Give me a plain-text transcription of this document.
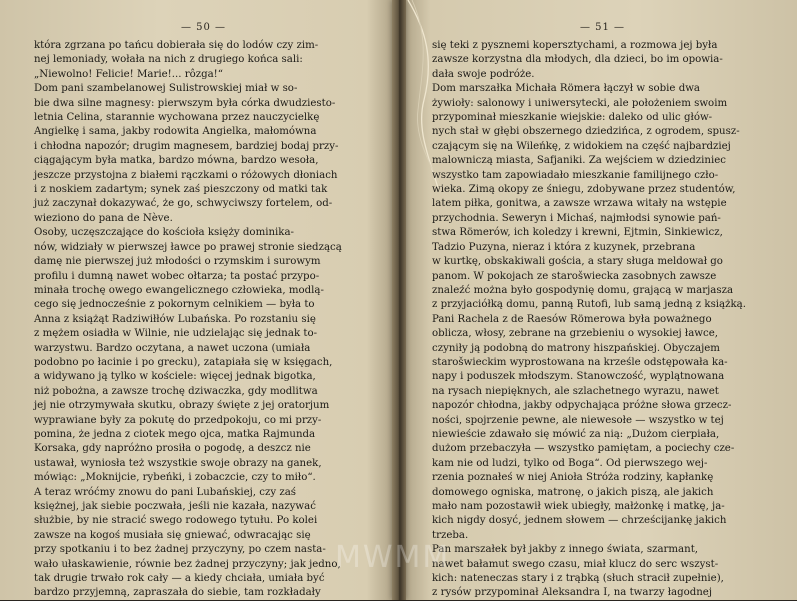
— 50 —

która zgrzana po tańcu dobierała się do lodów czy zim-

nej lemoniady, wołała na nich z drugiego końca sali:

„Niewolno! Felicie! Marie!... rôzga!“

Dom pani szambelanowej Sulistrowskiej miał w so-

bie dwa silne magnesy: pierwszym była córka dwudziesto-

letnia Celina, starannie wychowana przez nauczycielkę

Angielkę i sama, jakby rodowita Angielka, małomówna

i chłodna napozór; drugim magnesem, bardziej bodaj przy-

ciągającym była matka, bardzo mówna, bardzo wesoła,

jeszcze przystojna z białemi rączkami o różowych dłoniach

i z noskiem zadartym; synek zaś pieszczony od matki tak

już zaczynał dokazywać, że go, schwyciwszy fortelem, od-

wieziono do pana de Nève.

Osoby, uczęszczające do kościoła księży dominika-

nów, widziały w pierwszej ławce po prawej stronie siedzącą

damę nie pierwszej już młodości o rzymskim i surowym

profilu i dumną nawet wobec ołtarza; ta postać przypo-

minała trochę owego ewangelicznego człowieka, modlą-

cego się jednocześnie z pokornym celnikiem — była to

Anna z książąt Radziwiłłów Lubańska. Po rozstaniu się

z mężem osiadła w Wilnie, nie udzielając się jednak to-

warzystwu. Bardzo oczytana, a nawet uczona (umiała

podobno po łacinie i po grecku), zatapiała się w księgach,

a widywano ją tylko w kościele: więcej jednak bigotka,

niż pobożna, a zawsze trochę dziwaczka, gdy modlitwa

jej nie otrzymywała skutku, obrazy święte z jej oratorjum

wyprawiane były za pokutę do przedpokoju, co mi przy-

pomina, że jedna z ciotek mego ojca, matka Rajmunda

Korsaka, gdy napróżno prosiła o pogodę, a deszcz nie

ustawał, wyniosła też wszystkie swoje obrazy na ganek,

mówiąc: „Moknijcie, rybeńki, i zobaczcie, czy to miło“.

A teraz wróćmy znowu do pani Lubańskiej, czy zaś

księżnej, jak siebie poczwała, jeśli nie kazała, nazywać

służbie, by nie stracić swego rodowego tytułu. Po kolei

zawsze na kogoś musiała się gniewać, odwracając się

przy spotkaniu i to bez żadnej przyczyny, po czem nasta-

wało ułaskawienie, równie bez żadnej przyczyny; jak jedno,

tak drugie trwało rok cały — a kiedy chciała, umiała być

bardzo przyjemną, zapraszała do siebie, tam rozkładały

— 51 —

się teki z pysznemi kopersztychami, a rozmowa jej była

zawsze korzystna dla młodych, dla dzieci, bo im opowia-

dała swoje podróże.

Dom marszałka Michała Römera łączył w sobie dwa

żywioły: salonowy i uniwersytecki, ale położeniem swoim

przypominał mieszkanie wiejskie: daleko od ulic głów-

nych stał w głębi obszernego dziedzińca, z ogrodem, spusz-

czającym się na Wileńkę, z widokiem na część najbardziej

malowniczą miasta, Safjaniki. Za wejściem w dziedziniec

wszystko tam zapowiadało mieszkanie familijnego czło-

wieka. Zimą okopy ze śniegu, zdobywane przez studentów,

latem piłka, gonitwa, a zawsze wrzawa witały na wstępie

przychodnia. Seweryn i Michaś, najmłodsi synowie pań-

stwa Römerów, ich koledzy i krewni, Ejtmin, Sinkiewicz,

Tadzio Puzyna, nieraz i która z kuzynek, przebrana

w kurtkę, obskakiwali gościa, a stary sługa meldował go

panom. W pokojach ze starošwiecka zasobnych zawsze

znaleźć można było gospodynię domu, grającą w marjasza

z przyjaciółką domu, panną Rutofi, lub samą jedną z książką.

Pani Rachela z de Raesów Römerowa była poważnego

oblicza, włosy, zebrane na grzebieniu o wysokiej ławce,

czyniły ją podobną do matrony hiszpańskiej. Obyczajem

starošwieckim wyprostowana na krześle odstępowała ka-

napy i poduszek młodszym. Stanowczość, wyplątnowana

na rysach niepięknych, ale szlachetnego wyrazu, nawet

napozór chłodna, jakby odpychająca próżne słowa grzecz-

ności, spojrzenie pewne, ale niewesołe — wszystko w tej

niewieście zdawało się mówić za nią: „Dużom cierpiała,

dużom przebaczyła — wszystko pamiętam, a pociechy cze-

kam nie od ludzi, tylko od Boga“. Od pierwszego wej-

rzenia poznałeś w niej Anioła Stróża rodziny, kapłankę

domowego ogniska, matronę, o jakich piszą, ale jakich

mało nam pozostawił wiek ubiegły, małżonkę i matkę, ja-

kich nigdy dosyć, jednem słowem — chrześcijankę jakich

trzeba.

Pan marszałek był jakby z innego świata, szarmant,

nawet bałamut swego czasu, miał klucz do serc wszyst-

kich: nateneczas stary i z trąbką (słuch stracił zupełnie),

z rysów przypominał Aleksandra I, na twarzy łagodnej

MWMM
